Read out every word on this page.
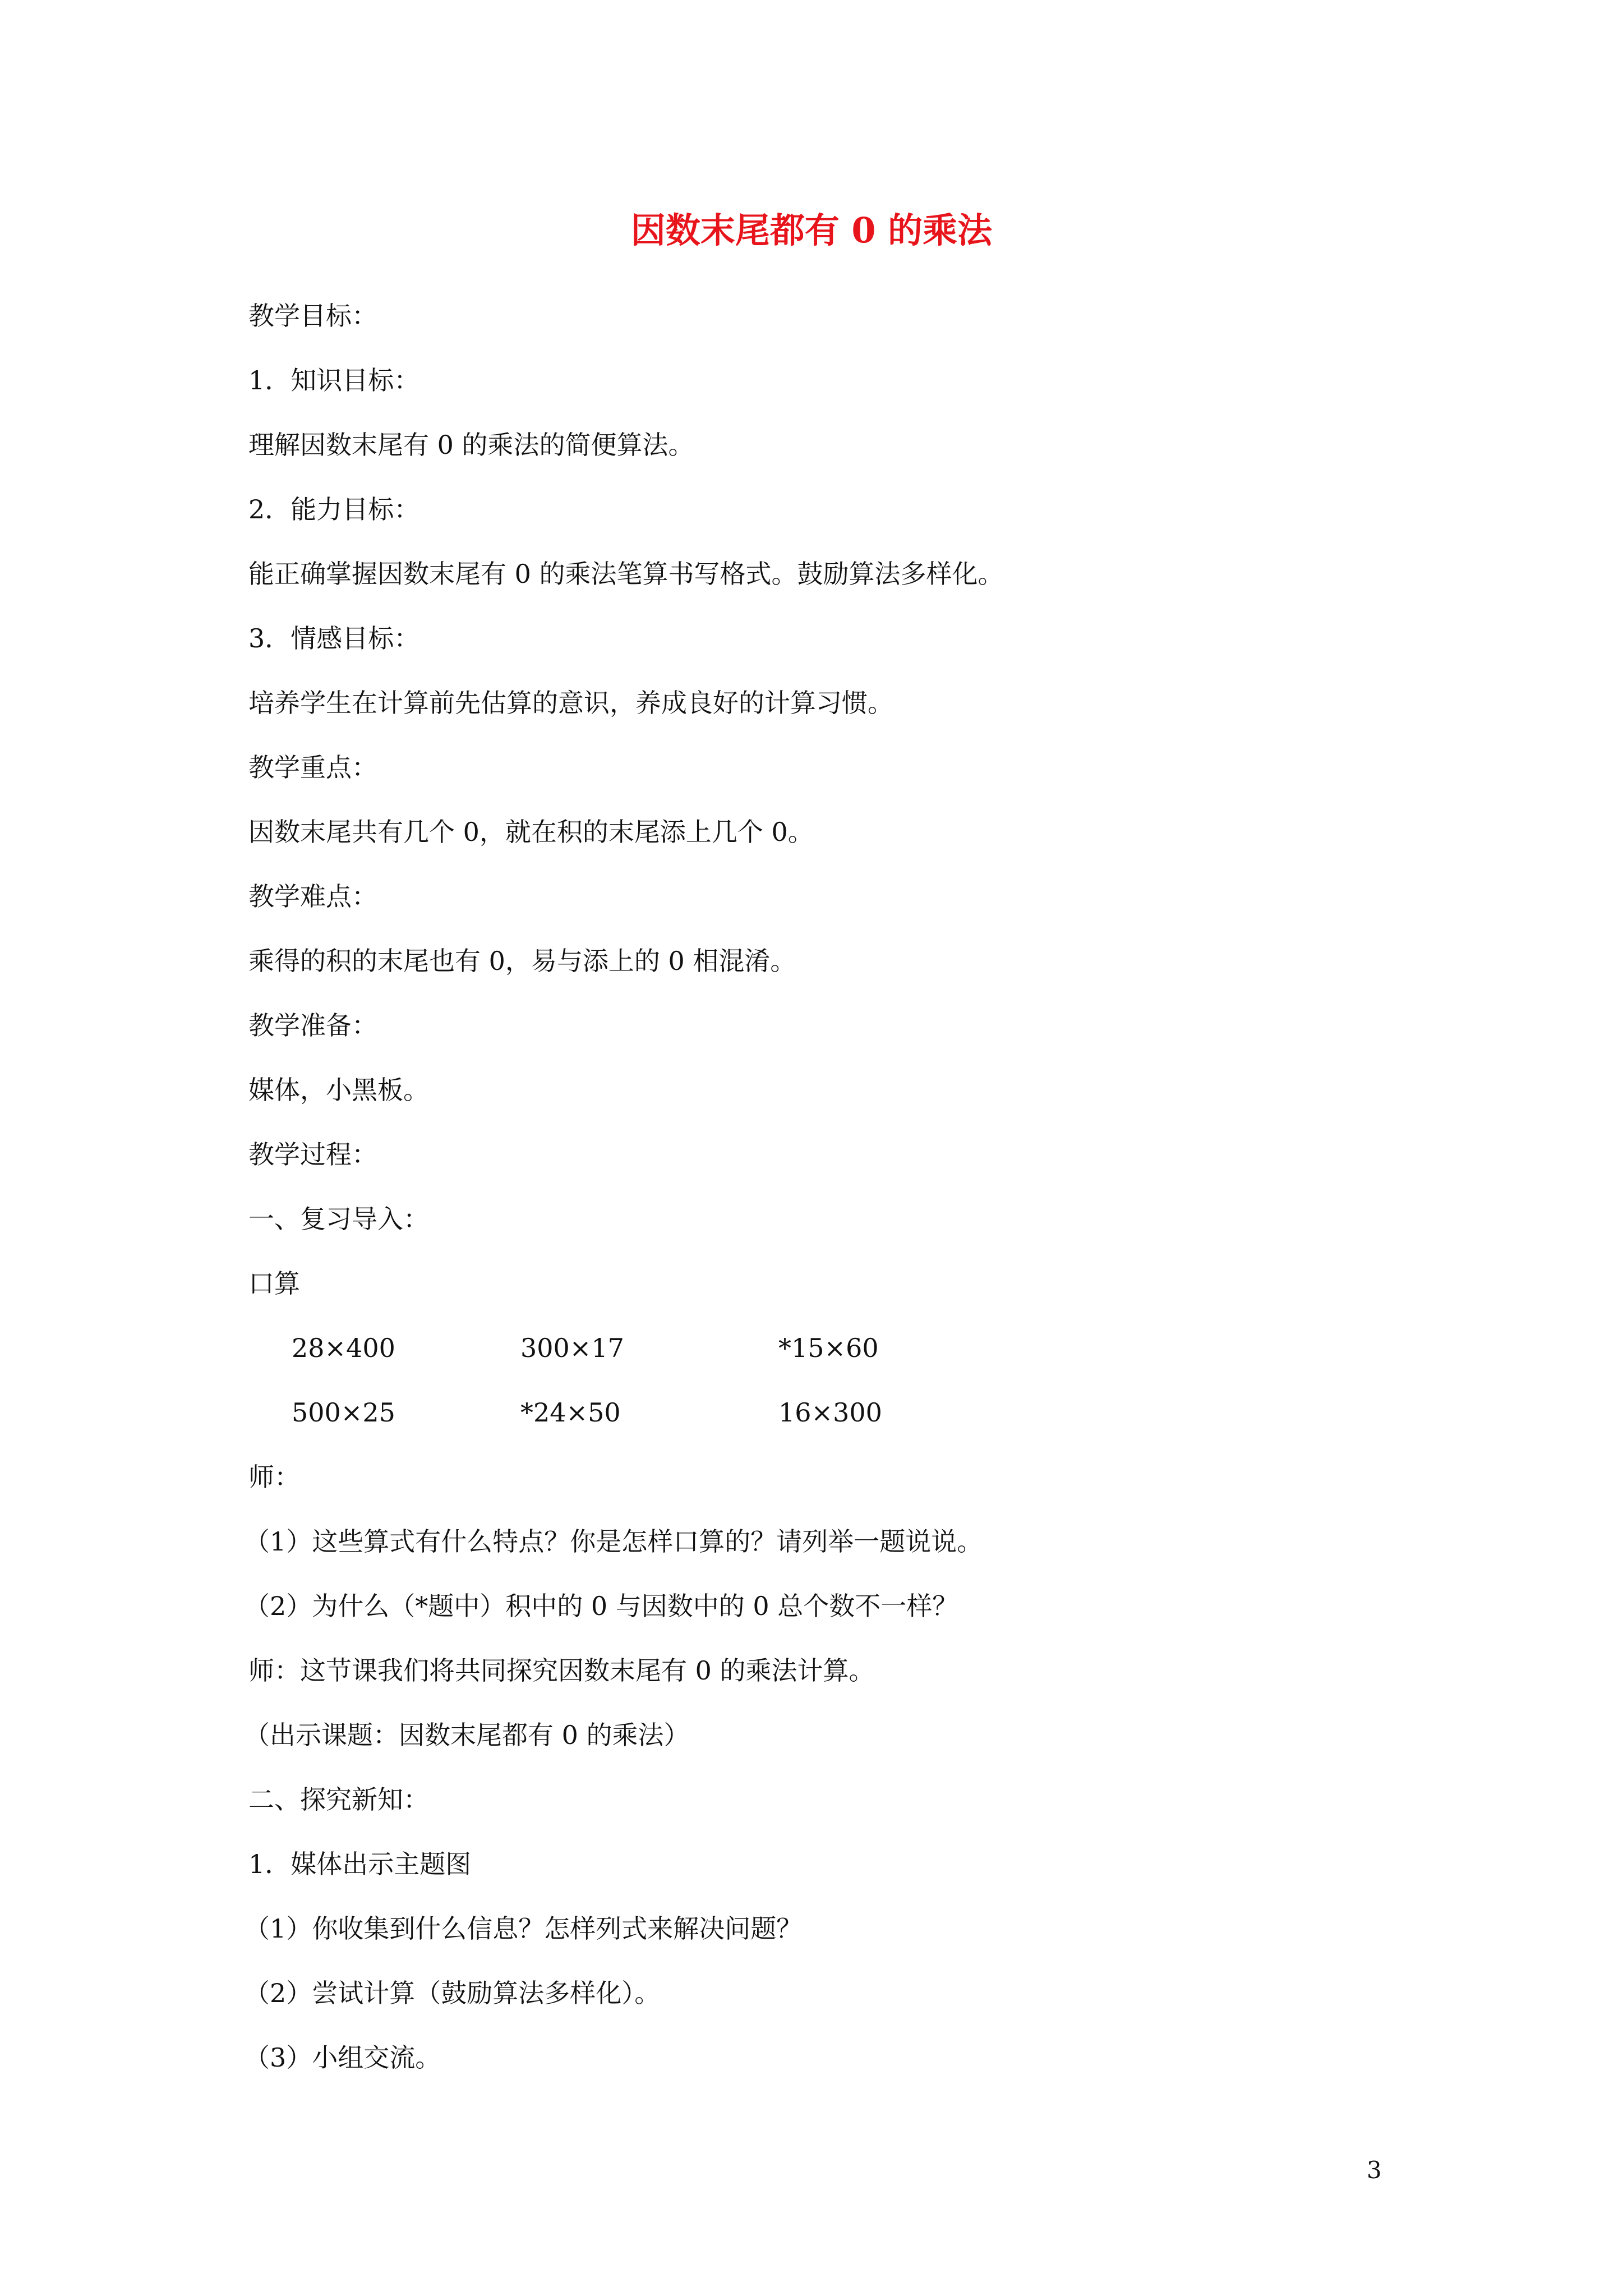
因数末尾都有 0 的乘法
教学目标：
1．知识目标：
理解因数末尾有 0 的乘法的简便算法。
2．能力目标：
能正确掌握因数末尾有 0 的乘法笔算书写格式。鼓励算法多样化。
3．情感目标：
培养学生在计算前先估算的意识，养成良好的计算习惯。
教学重点：
因数末尾共有几个 0，就在积的末尾添上几个 0。
教学难点：
乘得的积的末尾也有 0，易与添上的 0 相混淆。
教学准备：
媒体，小黑板。
教学过程：
一、复习导入：
口算
28×400	300×17	*15×60
500×25	*24×50	16×300
师：
（1）这些算式有什么特点？你是怎样口算的？请列举一题说说。
（2）为什么（*题中）积中的 0 与因数中的 0 总个数不一样？
师：这节课我们将共同探究因数末尾有 0 的乘法计算。
（出示课题：因数末尾都有 0 的乘法）
二、探究新知：
1．媒体出示主题图
（1）你收集到什么信息？怎样列式来解决问题？
（2）尝试计算（鼓励算法多样化）。
（3）小组交流。
3
